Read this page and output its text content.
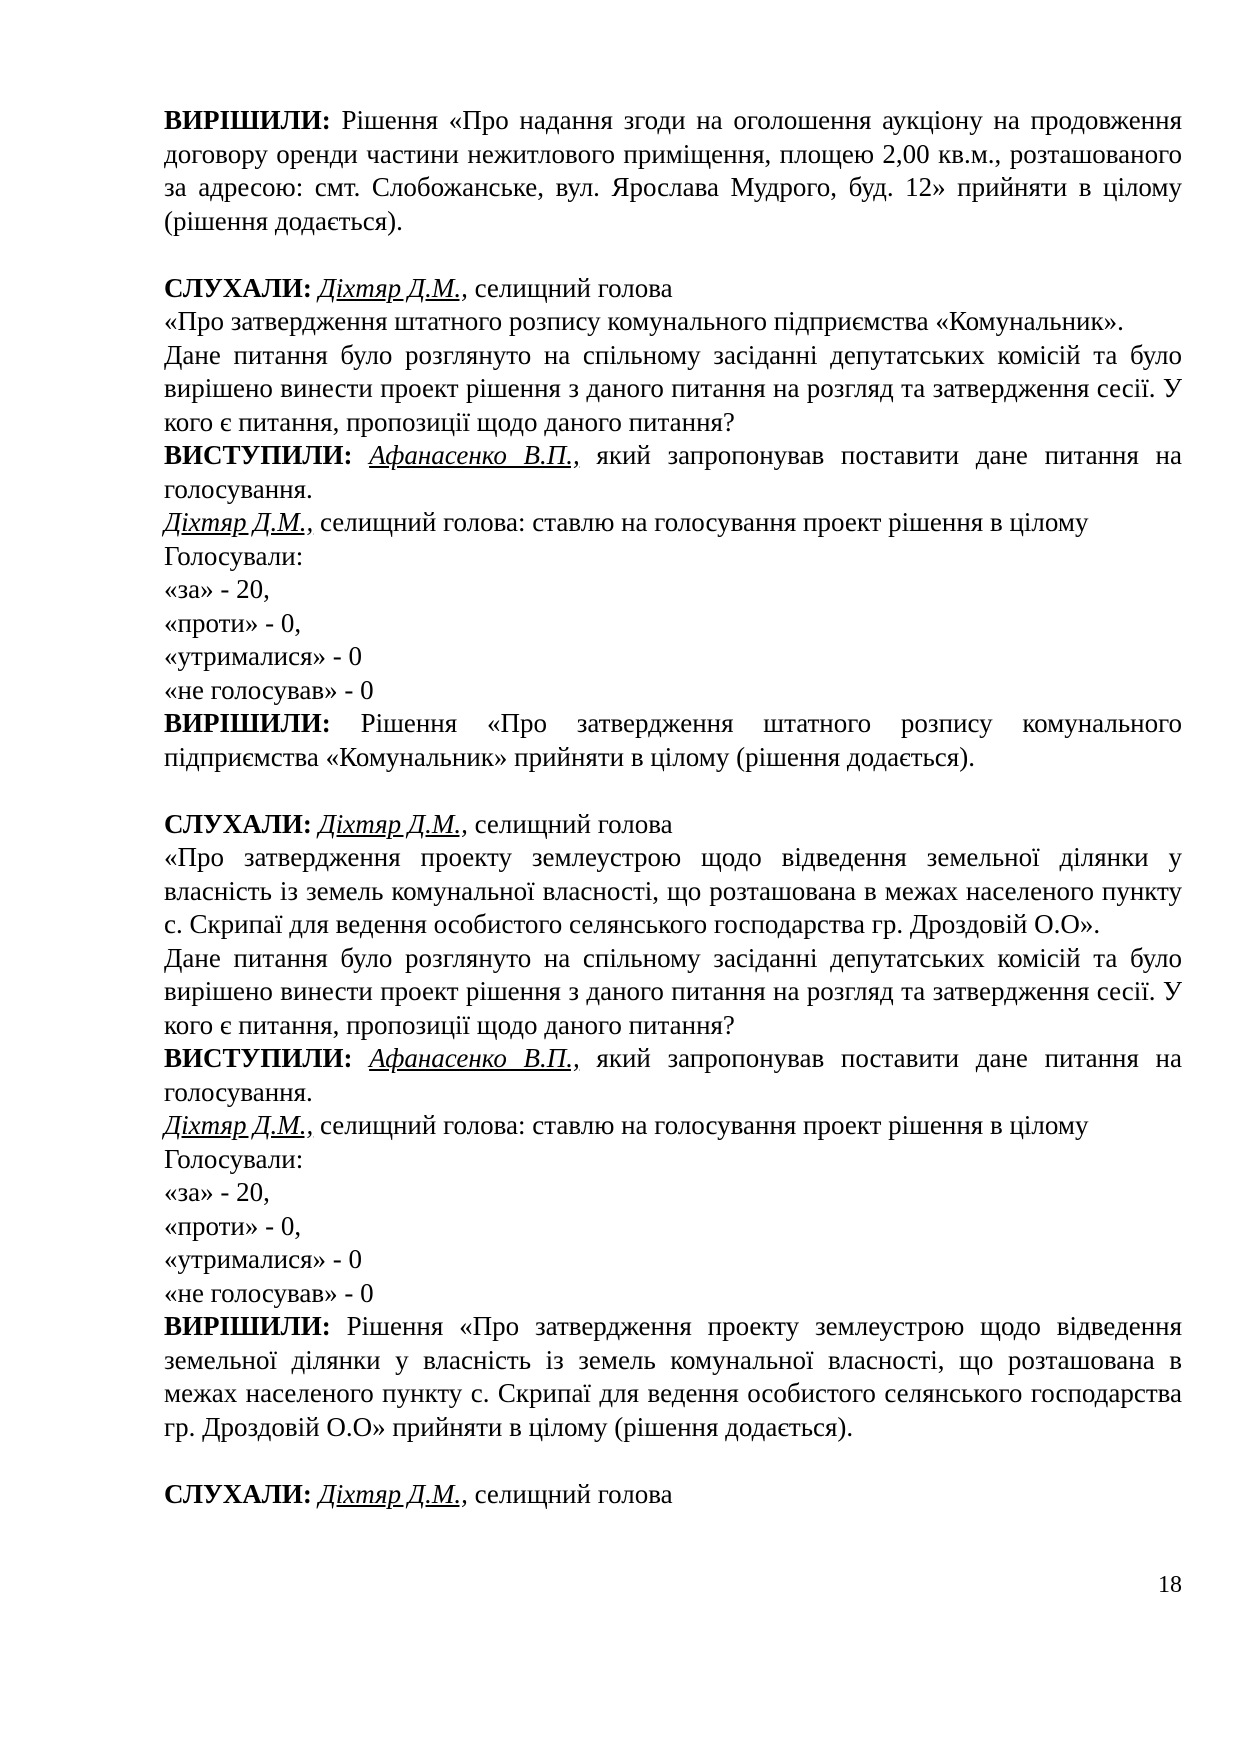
ВИРІШИЛИ: Рішення «Про надання згоди на оголошення аукціону на продовження договору оренди частини нежитлового приміщення, площею 2,00 кв.м., розташованого за адресою: смт. Слобожанське, вул. Ярослава Мудрого, буд. 12» прийняти в цілому (рішення додається).

СЛУХАЛИ: Діхтяр Д.М., селищний голова

«Про затвердження штатного розпису комунального підприємства «Комунальник».

Дане питання було розглянуто на спільному засіданні депутатських комісій та було вирішено винести проект рішення з даного питання на розгляд та затвердження сесії. У кого є питання, пропозиції щодо даного питання?

ВИСТУПИЛИ: Афанасенко В.П., який запропонував поставити дане питання на голосування.

Діхтяр Д.М., селищний голова: ставлю на голосування проект рішення в цілому

Голосували:

«за» - 20,

«проти» - 0,

«утрималися» - 0

«не голосував» - 0

ВИРІШИЛИ: Рішення «Про затвердження штатного розпису комунального підприємства «Комунальник» прийняти в цілому (рішення додається).

СЛУХАЛИ: Діхтяр Д.М., селищний голова

«Про затвердження проекту землеустрою щодо відведення земельної ділянки у власність із земель комунальної власності, що розташована в межах населеного пункту с. Скрипаї для ведення особистого селянського господарства гр. Дроздовій О.О».

Дане питання було розглянуто на спільному засіданні депутатських комісій та було вирішено винести проект рішення з даного питання на розгляд та затвердження сесії. У кого є питання, пропозиції щодо даного питання?

ВИСТУПИЛИ: Афанасенко В.П., який запропонував поставити дане питання на голосування.

Діхтяр Д.М., селищний голова: ставлю на голосування проект рішення в цілому

Голосували:

«за» - 20,

«проти» - 0,

«утрималися» - 0

«не голосував» - 0

ВИРІШИЛИ: Рішення «Про затвердження проекту землеустрою щодо відведення земельної ділянки у власність із земель комунальної власності, що розташована в межах населеного пункту с. Скрипаї для ведення особистого селянського господарства гр. Дроздовій О.О» прийняти в цілому (рішення додається).

СЛУХАЛИ: Діхтяр Д.М., селищний голова

18
